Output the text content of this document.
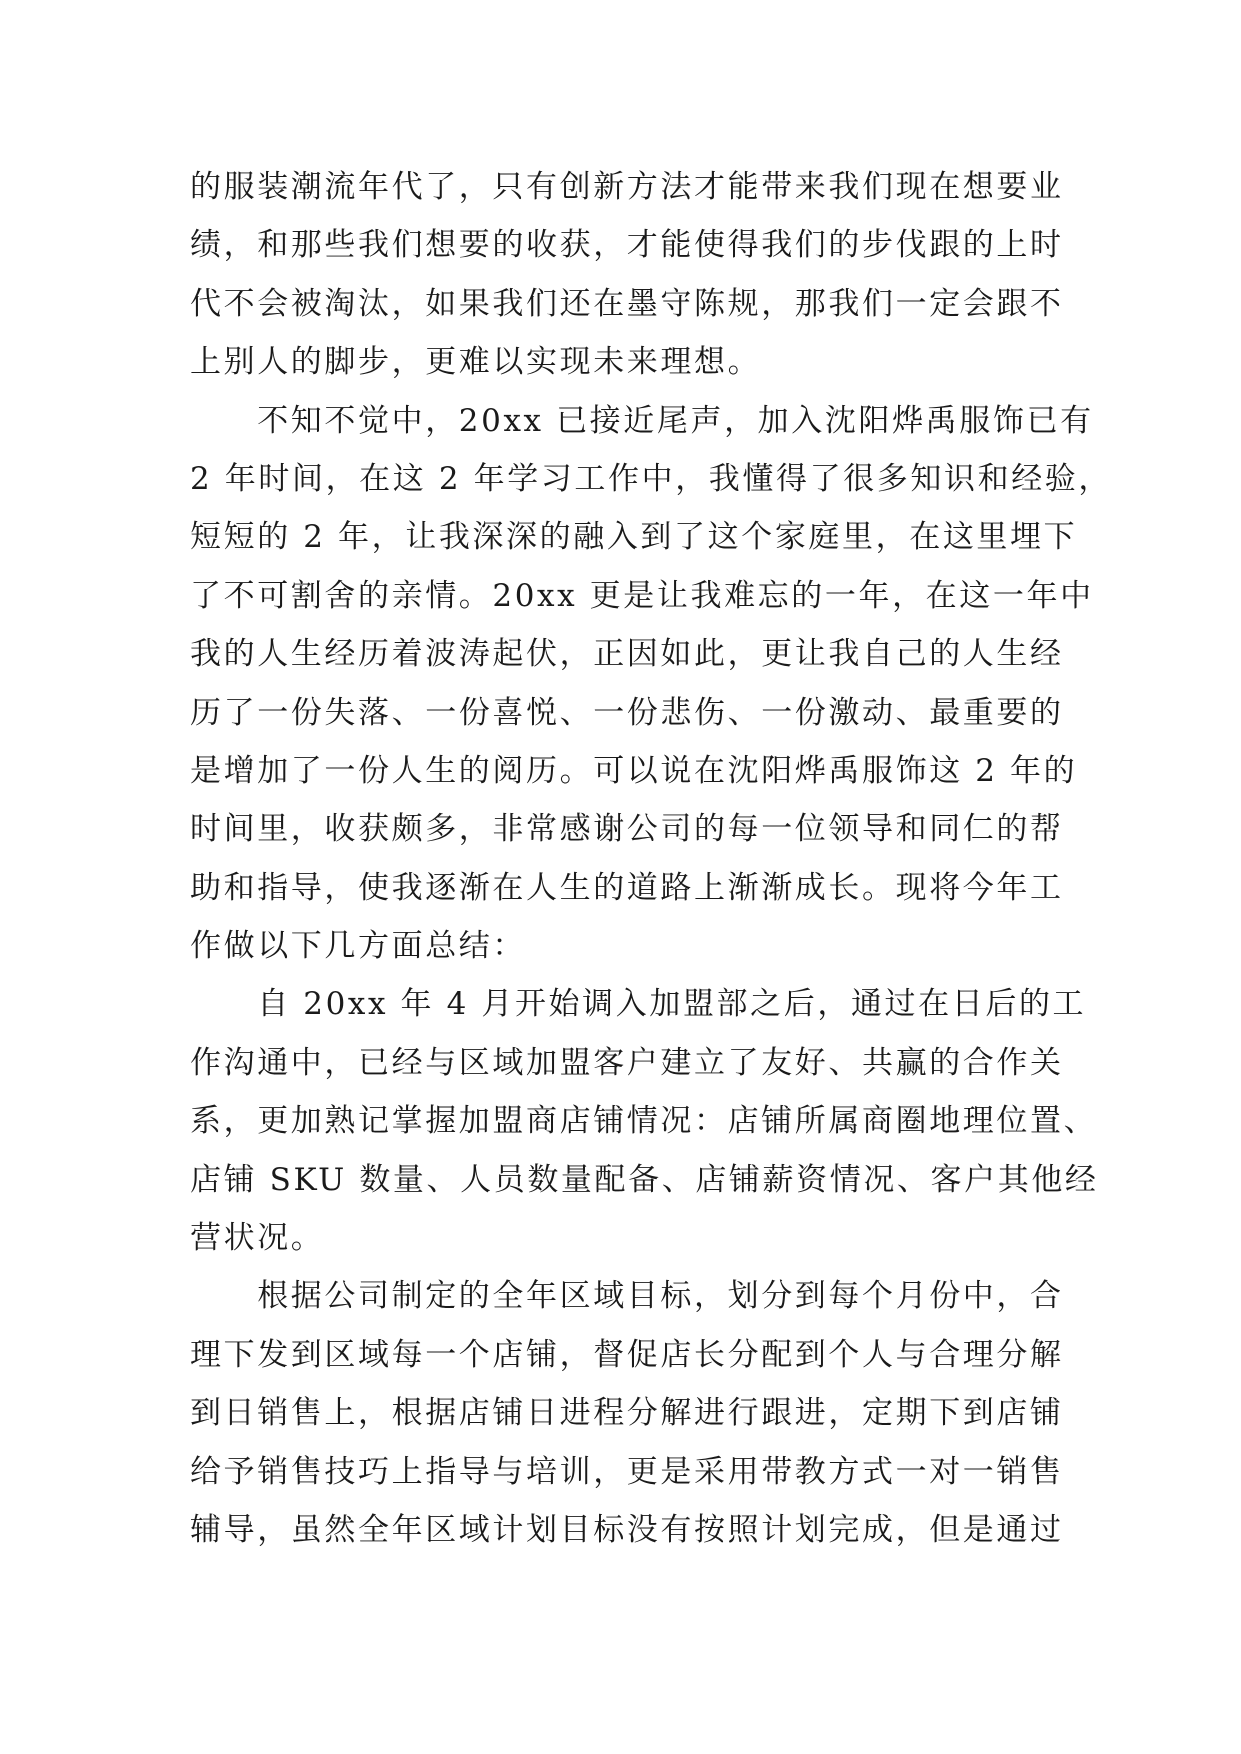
的服装潮流年代了，只有创新方法才能带来我们现在想要业
绩，和那些我们想要的收获，才能使得我们的步伐跟的上时
代不会被淘汰，如果我们还在墨守陈规，那我们一定会跟不
上别人的脚步，更难以实现未来理想。
　　不知不觉中，20xx 已接近尾声，加入沈阳烨禹服饰已有
2 年时间，在这 2 年学习工作中，我懂得了很多知识和经验，
短短的 2 年，让我深深的融入到了这个家庭里，在这里埋下
了不可割舍的亲情。20xx 更是让我难忘的一年，在这一年中
我的人生经历着波涛起伏，正因如此，更让我自己的人生经
历了一份失落、一份喜悦、一份悲伤、一份激动、最重要的
是增加了一份人生的阅历。可以说在沈阳烨禹服饰这 2 年的
时间里，收获颇多，非常感谢公司的每一位领导和同仁的帮
助和指导，使我逐渐在人生的道路上渐渐成长。现将今年工
作做以下几方面总结：
　　自 20xx 年 4 月开始调入加盟部之后，通过在日后的工
作沟通中，已经与区域加盟客户建立了友好、共赢的合作关
系，更加熟记掌握加盟商店铺情况：店铺所属商圈地理位置、
店铺 SKU 数量、人员数量配备、店铺薪资情况、客户其他经
营状况。
　　根据公司制定的全年区域目标，划分到每个月份中，合
理下发到区域每一个店铺，督促店长分配到个人与合理分解
到日销售上，根据店铺日进程分解进行跟进，定期下到店铺
给予销售技巧上指导与培训，更是采用带教方式一对一销售
辅导，虽然全年区域计划目标没有按照计划完成，但是通过
